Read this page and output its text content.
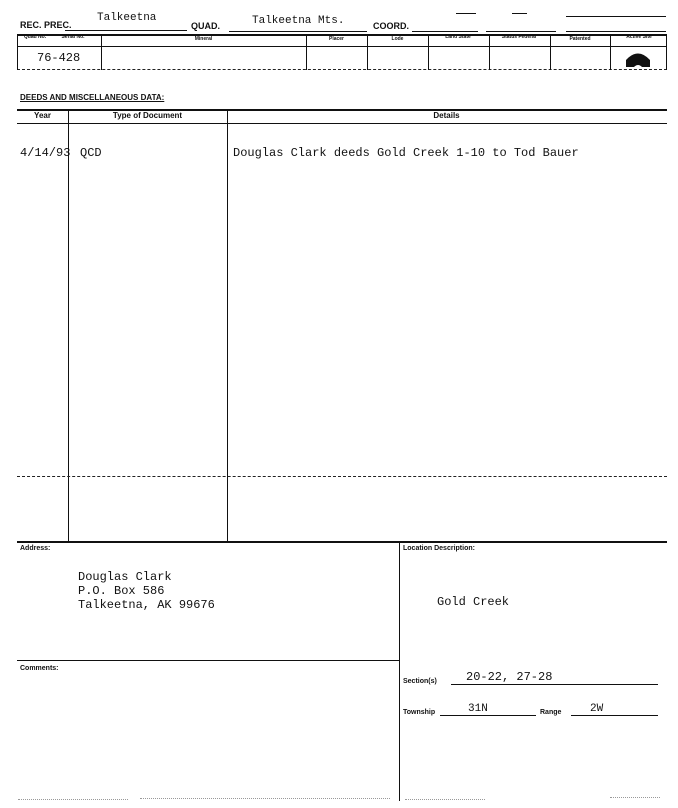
REC. PREC.
Talkeetna
QUAD.	Talkeetna Mts.	COORD.
Quad No.	Serial No.	Mineral	Placer	Lode	Land State	Status Federal	Patented	Active Site
76-428
DEEDS AND MISCELLANEOUS DATA:
Year	Type of Document	Details
4/14/93 QCD	Douglas Clark deeds Gold Creek 1-10 to Tod Bauer
Address:
Douglas Clark
P.O. Box 586
Talkeetna, AK 99676
Location Description:
Gold Creek
Comments:
Section(s) 20-22, 27-28
Township	31N	Range	2W
